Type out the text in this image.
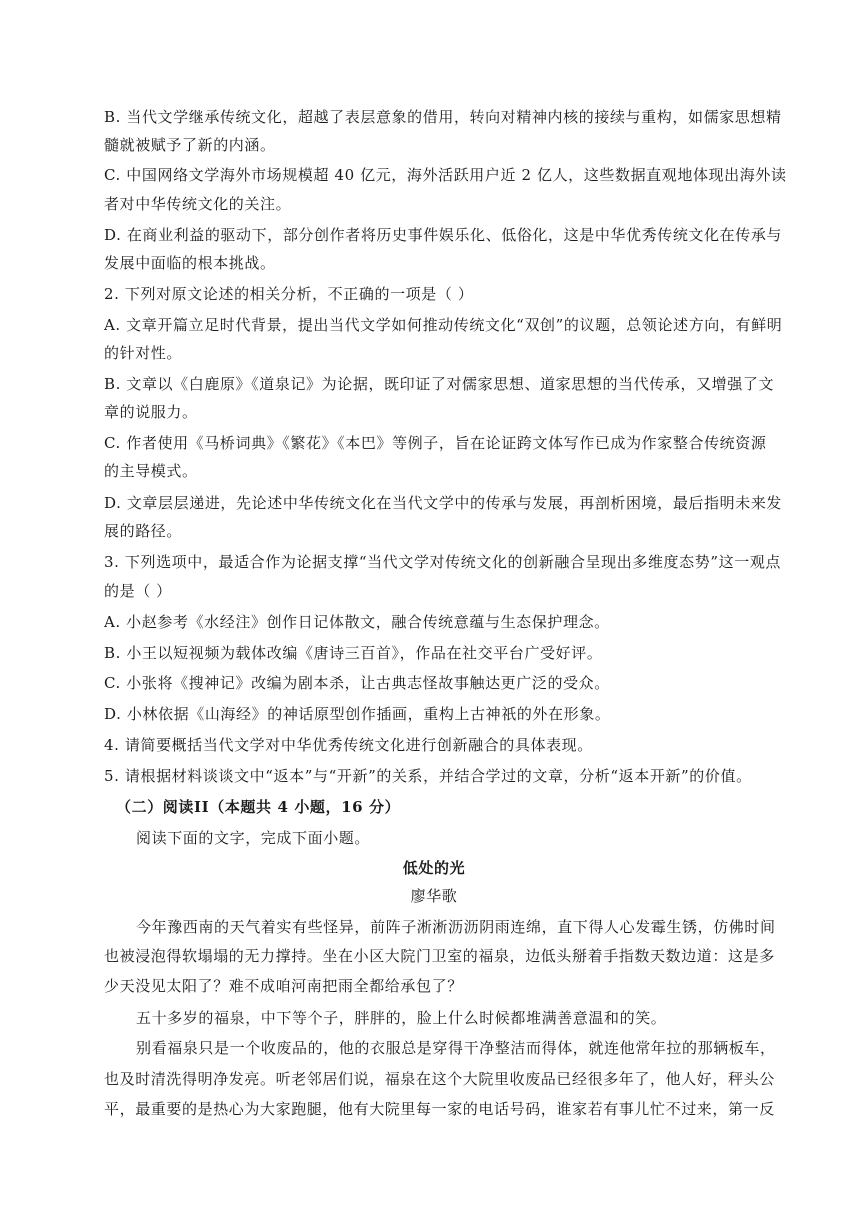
B. 当代文学继承传统文化，超越了表层意象的借用，转向对精神内核的接续与重构，如儒家思想精
髓就被赋予了新的内涵。
C. 中国网络文学海外市场规模超 40 亿元，海外活跃用户近 2 亿人，这些数据直观地体现出海外读
者对中华传统文化的关注。
D. 在商业利益的驱动下，部分创作者将历史事件娱乐化、低俗化，这是中华优秀传统文化在传承与
发展中面临的根本挑战。
2. 下列对原文论述的相关分析，不正确的一项是（ ）
A. 文章开篇立足时代背景，提出当代文学如何推动传统文化“双创”的议题，总领论述方向，有鲜明
的针对性。
B. 文章以《白鹿原》《道泉记》为论据，既印证了对儒家思想、道家思想的当代传承，又增强了文
章的说服力。
C. 作者使用《马桥词典》《繁花》《本巴》等例子，旨在论证跨文体写作已成为作家整合传统资源
的主导模式。
D. 文章层层递进，先论述中华传统文化在当代文学中的传承与发展，再剖析困境，最后指明未来发
展的路径。
3. 下列选项中，最适合作为论据支撑“当代文学对传统文化的创新融合呈现出多维度态势”这一观点
的是（ ）
A. 小赵参考《水经注》创作日记体散文，融合传统意蕴与生态保护理念。
B. 小王以短视频为载体改编《唐诗三百首》，作品在社交平台广受好评。
C. 小张将《搜神记》改编为剧本杀，让古典志怪故事触达更广泛的受众。
D. 小林依据《山海经》的神话原型创作插画，重构上古神祇的外在形象。
4. 请简要概括当代文学对中华优秀传统文化进行创新融合的具体表现。
5. 请根据材料谈谈文中“返本”与“开新”的关系，并结合学过的文章，分析“返本开新”的价值。
（二）阅读II（本题共 4 小题，16 分）
阅读下面的文字，完成下面小题。
低处的光
廖华歌
今年豫西南的天气着实有些怪异，前阵子淅淅沥沥阴雨连绵，直下得人心发霉生锈，仿佛时间
也被浸泡得软塌塌的无力撑持。坐在小区大院门卫室的福泉，边低头掰着手指数天数边道：这是多
少天没见太阳了？难不成咱河南把雨全都给承包了？
五十多岁的福泉，中下等个子，胖胖的，脸上什么时候都堆满善意温和的笑。
别看福泉只是一个收废品的，他的衣服总是穿得干净整洁而得体，就连他常年拉的那辆板车，
也及时清洗得明净发亮。听老邻居们说，福泉在这个大院里收废品已经很多年了，他人好，秤头公
平，最重要的是热心为大家跑腿，他有大院里每一家的电话号码，谁家若有事儿忙不过来，第一反
